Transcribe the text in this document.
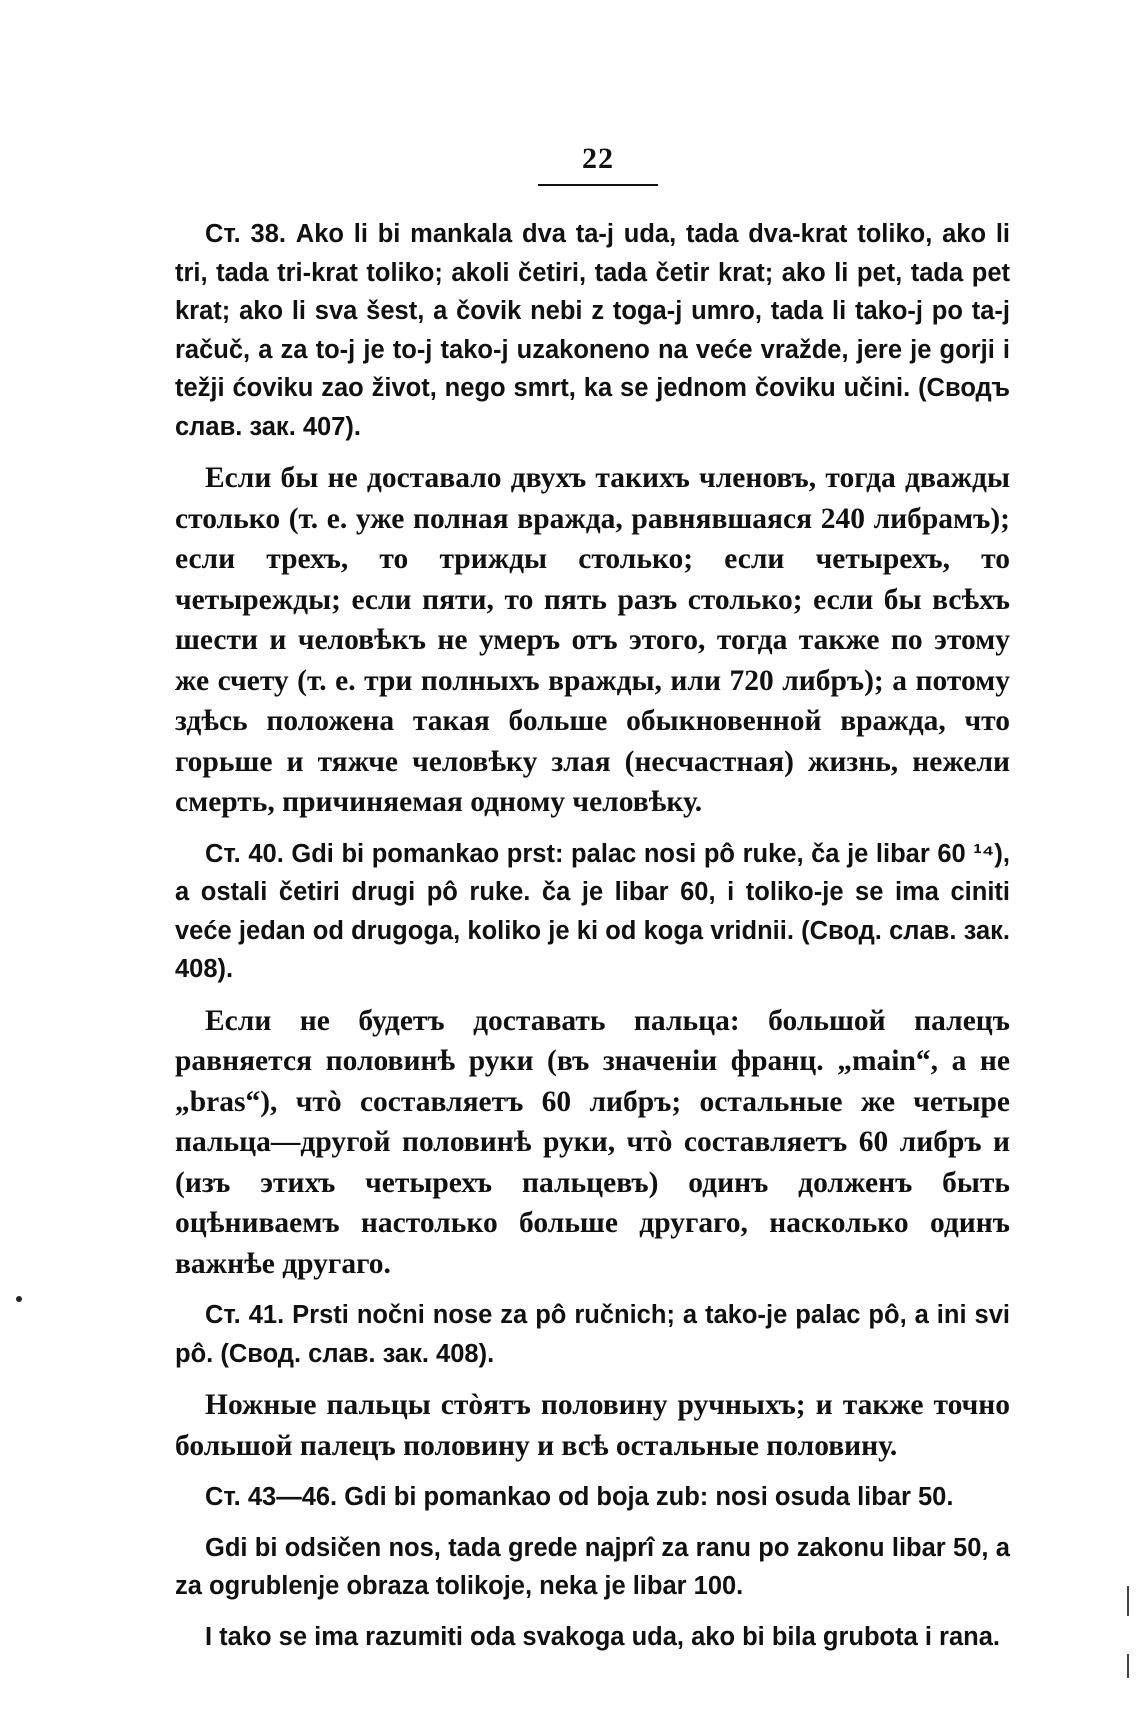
22

Ст. 38. Ako li bi mankala dva ta-j uda, tada dva-krat toliko, ako li tri, tada tri-krat toliko; akoli četiri, tada četir krat; ako li pet, tada pet krat; ako li sva šest, a čovik nebi z toga-j umro, tada li tako-j po ta-j račuč, a za to-j je to-j tako-j uzakoneno na veće vražde, jere je gorji i težji ćoviku zao život, nego smrt, ka se jednom čoviku učini. (Сводъ слав. зак. 407).

Если бы не доставало двухъ такихъ членовъ, тогда дважды столько (т. е. уже полная вражда, равнявшаяся 240 либрамъ); если трехъ, то трижды столько; если четырехъ, то четырежды; если пяти, то пять разъ столько; если бы всѣхъ шести и человѣкъ не умеръ отъ этого, тогда также по этому же счету (т. е. три полныхъ вражды, или 720 либръ); а потому здѣсь положена такая больше обыкновенной вражда, что горьше и тяжче человѣку злая (несчастная) жизнь, нежели смерть, причиняемая одному человѣку.

Ст. 40. Gdi bi pomankao prst: palac nosi pô ruke, ča je libar 60 ¹⁴), a ostali četiri drugi pô ruke. ča je libar 60, i toliko-je se ima ciniti veće jedan od drugoga, koliko je ki od koga vridnii. (Свод. слав. зак. 408).

Если не будетъ доставать пальца: большой палецъ равняется половинѣ руки (въ значеніи франц. „main“, а не „bras“), чтò составляетъ 60 либръ; остальные же четыре пальца—другой половинѣ руки, чтò составляетъ 60 либръ и (изъ этихъ четырехъ пальцевъ) одинъ долженъ быть оцѣниваемъ настолько больше другаго, насколько одинъ важнѣе другаго.

Ст. 41. Prsti nočni nose za pô ručnich; a tako-je palac pô, a ini svi pô. (Свод. слав. зак. 408).

Ножные пальцы стòятъ половину ручныхъ; и также точно большой палецъ половину и всѣ остальные половину.

Ст. 43—46. Gdi bi pomankao od boja zub: nosi osuda libar 50.

Gdi bi odsičen nos, tada grede najprî za ranu po zakonu libar 50, a za ogrublenje obraza tolikoje, neka je libar 100.

I tako se ima razumiti oda svakoga uda, ako bi bila grubota i rana.
